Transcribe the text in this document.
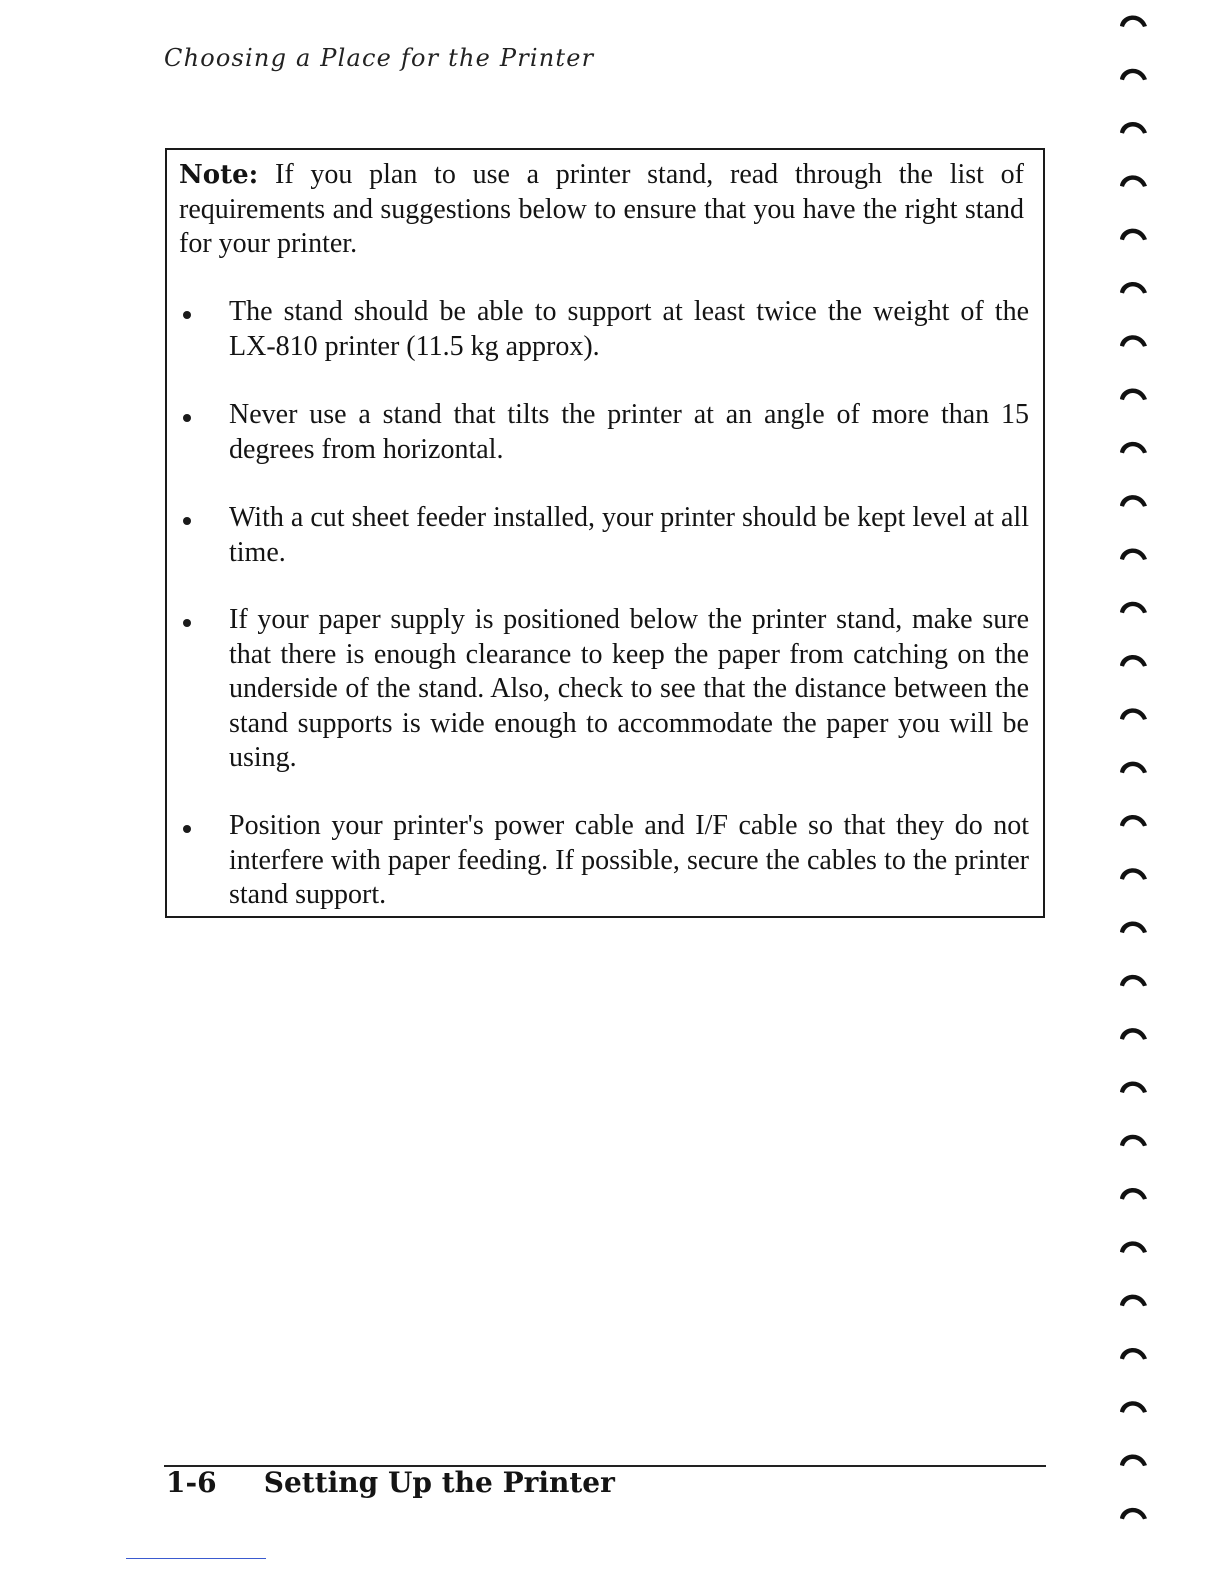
Choosing a Place for the Printer
Note: If you plan to use a printer stand, read through the list of requirements and suggestions below to ensure that you have the right stand for your printer.
The stand should be able to support at least twice the weight of the LX-810 printer (11.5 kg approx).
Never use a stand that tilts the printer at an angle of more than 15 degrees from horizontal.
With a cut sheet feeder installed, your printer should be kept level at all time.
If your paper supply is positioned below the printer stand, make sure that there is enough clearance to keep the paper from catching on the underside of the stand. Also, check to see that the distance between the stand supports is wide enough to accommodate the paper you will be using.
Position your printer's power cable and I/F cable so that they do not interfere with paper feeding. If possible, secure the cables to the printer stand support.
1-6 Setting Up the Printer
